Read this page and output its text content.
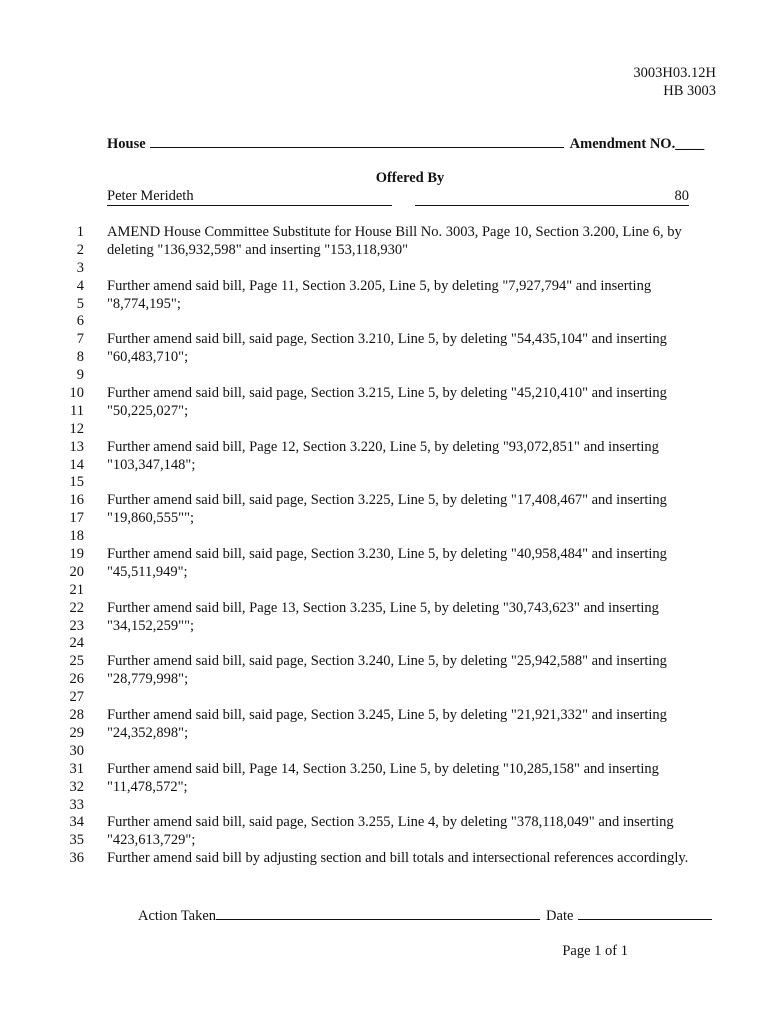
3003H03.12H
HB 3003
House	Amendment NO. ____
Offered By
Peter Merideth	80
1 AMEND House Committee Substitute for House Bill No. 3003, Page 10, Section 3.200, Line 6, by
2 deleting "136,932,598" and inserting "153,118,930"
3
4 Further amend said bill, Page 11, Section 3.205, Line 5, by deleting "7,927,794" and inserting
5 "8,774,195";
6
7 Further amend said bill, said page, Section 3.210, Line 5, by deleting "54,435,104" and inserting
8 "60,483,710";
9
10 Further amend said bill, said page, Section 3.215, Line 5, by deleting "45,210,410" and inserting
11 "50,225,027";
12
13 Further amend said bill, Page 12, Section 3.220, Line 5, by deleting "93,072,851" and inserting
14 "103,347,148";
15
16 Further amend said bill, said page, Section 3.225, Line 5, by deleting "17,408,467" and inserting
17 "19,860,555"";
18
19 Further amend said bill, said page, Section 3.230, Line 5, by deleting "40,958,484" and inserting
20 "45,511,949";
21
22 Further amend said bill, Page 13, Section 3.235, Line 5, by deleting "30,743,623" and inserting
23 "34,152,259"";
24
25 Further amend said bill, said page, Section 3.240, Line 5, by deleting "25,942,588" and inserting
26 "28,779,998";
27
28 Further amend said bill, said page, Section 3.245, Line 5, by deleting "21,921,332" and inserting
29 "24,352,898";
30
31 Further amend said bill, Page 14, Section 3.250, Line 5, by deleting "10,285,158" and inserting
32 "11,478,572";
33
34 Further amend said bill, said page, Section 3.255, Line 4, by deleting "378,118,049" and inserting
35 "423,613,729";
36 Further amend said bill by adjusting section and bill totals and intersectional references accordingly.
Action Taken	Date
Page 1 of 1
